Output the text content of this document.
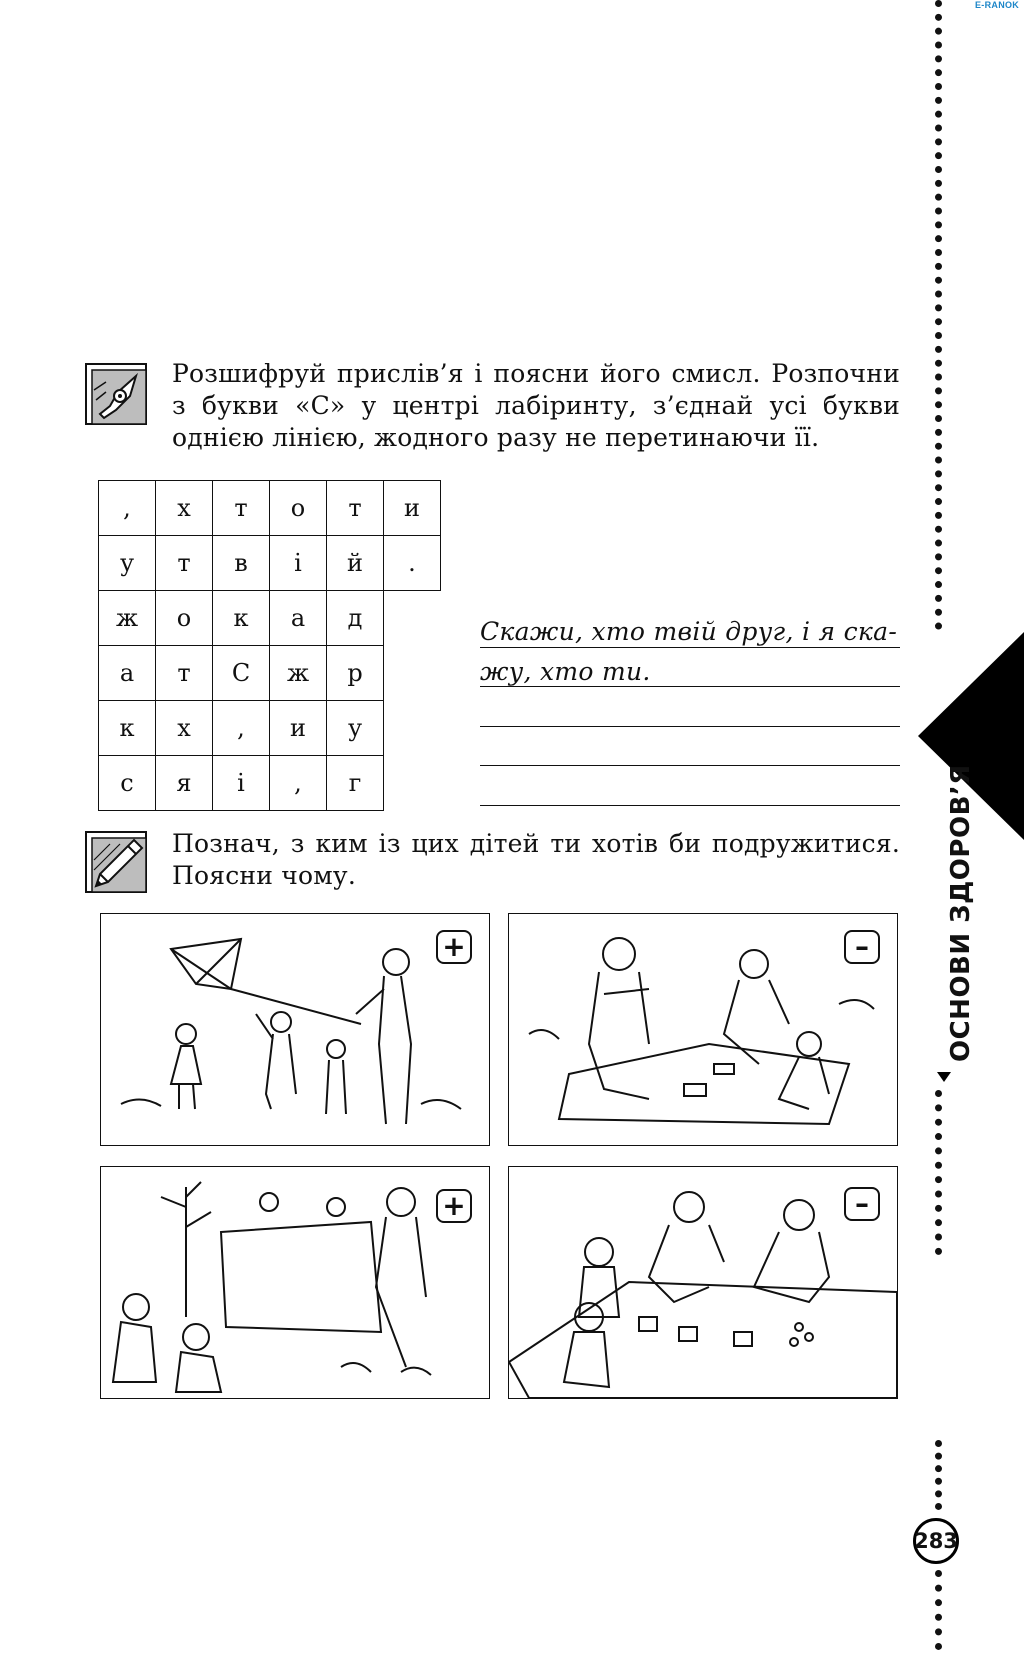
E-RANOK
ОСНОВИ ЗДОРОВ’Я
283
Розшифруй прислів’я і поясни його смисл. Розпочни з букви «С» у центрі лабіринту, з’єднай усі букви однією лінією, жодного разу не перетинаючи її.
,	х	т	о	т	и
у	т	в	і	й	.
ж	о	к	а	д	
а	т	С	ж	р	
к	х	,	и	у	
с	я	і	,	г	
Скажи, хто твій друг, і я ска-
жу, хто ти.
Познач, з ким із цих дітей ти хотів би подружитися. Поясни чому.
+	–
+	–
